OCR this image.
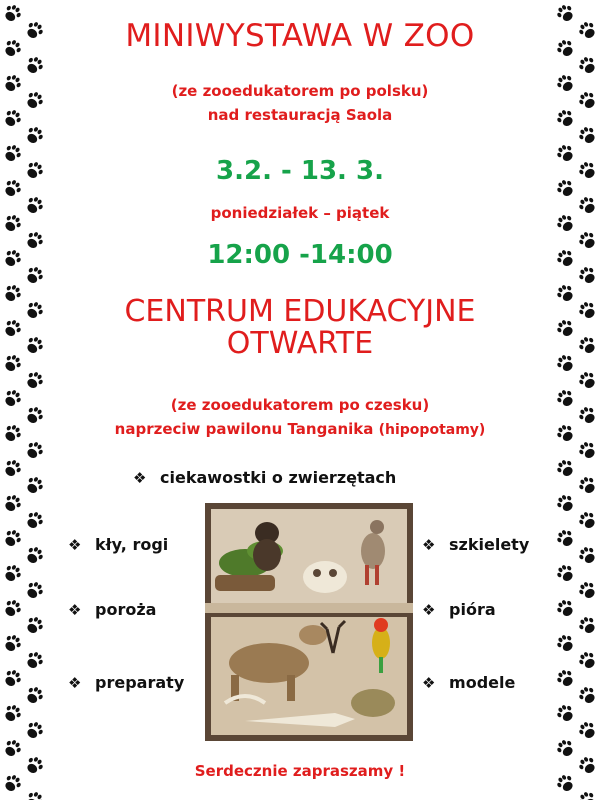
MINIWYSTAWA W ZOO
(ze zooedukatorem po polsku)
nad restauracją Saola
3.2. - 13. 3.
poniedziałek – piątek
12:00 -14:00
CENTRUM EDUKACYJNE
OTWARTE
(ze zooedukatorem po czesku)
naprzeciw pawilonu Tanganika (hipopotamy)
❖ ciekawostki o zwierzętach
❖ kły, rogi
❖ poroża
❖ preparaty
❖ szkielety
❖ pióra
❖ modele
Serdecznie zapraszamy !
